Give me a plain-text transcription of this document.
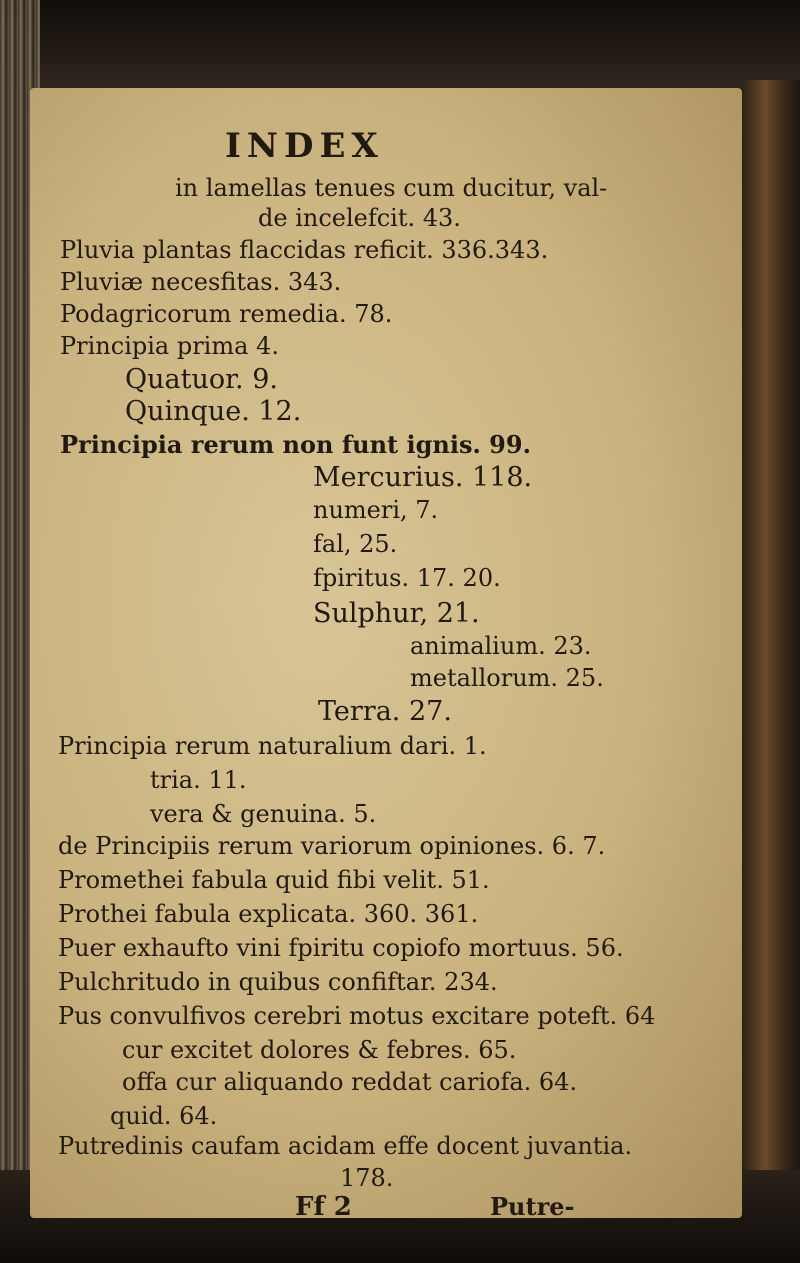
INDEX
in lamellas tenues cum ducitur, val-
de incelefcit. 43.
Pluvia plantas flaccidas reficit. 336.343.
Pluviæ necesfitas. 343.
Podagricorum remedia. 78.
Principia prima 4.
Quatuor. 9.
Quinque. 12.
Principia rerum non funt ignis. 99.
Mercurius. 118.
numeri, 7.
fal, 25.
fpiritus. 17. 20.
Sulphur, 21.
animalium. 23.
metallorum. 25.
Terra. 27.
Principia rerum naturalium dari. 1.
tria. 11.
vera & genuina. 5.
de Principiis rerum variorum opiniones. 6. 7.
Promethei fabula quid fibi velit. 51.
Prothei fabula explicata. 360. 361.
Puer exhaufto vini fpiritu copiofo mortuus. 56.
Pulchritudo in quibus confiftar. 234.
Pus convulfivos cerebri motus excitare poteft. 64
cur excitet dolores & febres. 65.
offa cur aliquando reddat cariofa. 64.
quid. 64.
Putredinis caufam acidam effe docent juvantia.
178.
Ff 2	Putre-
